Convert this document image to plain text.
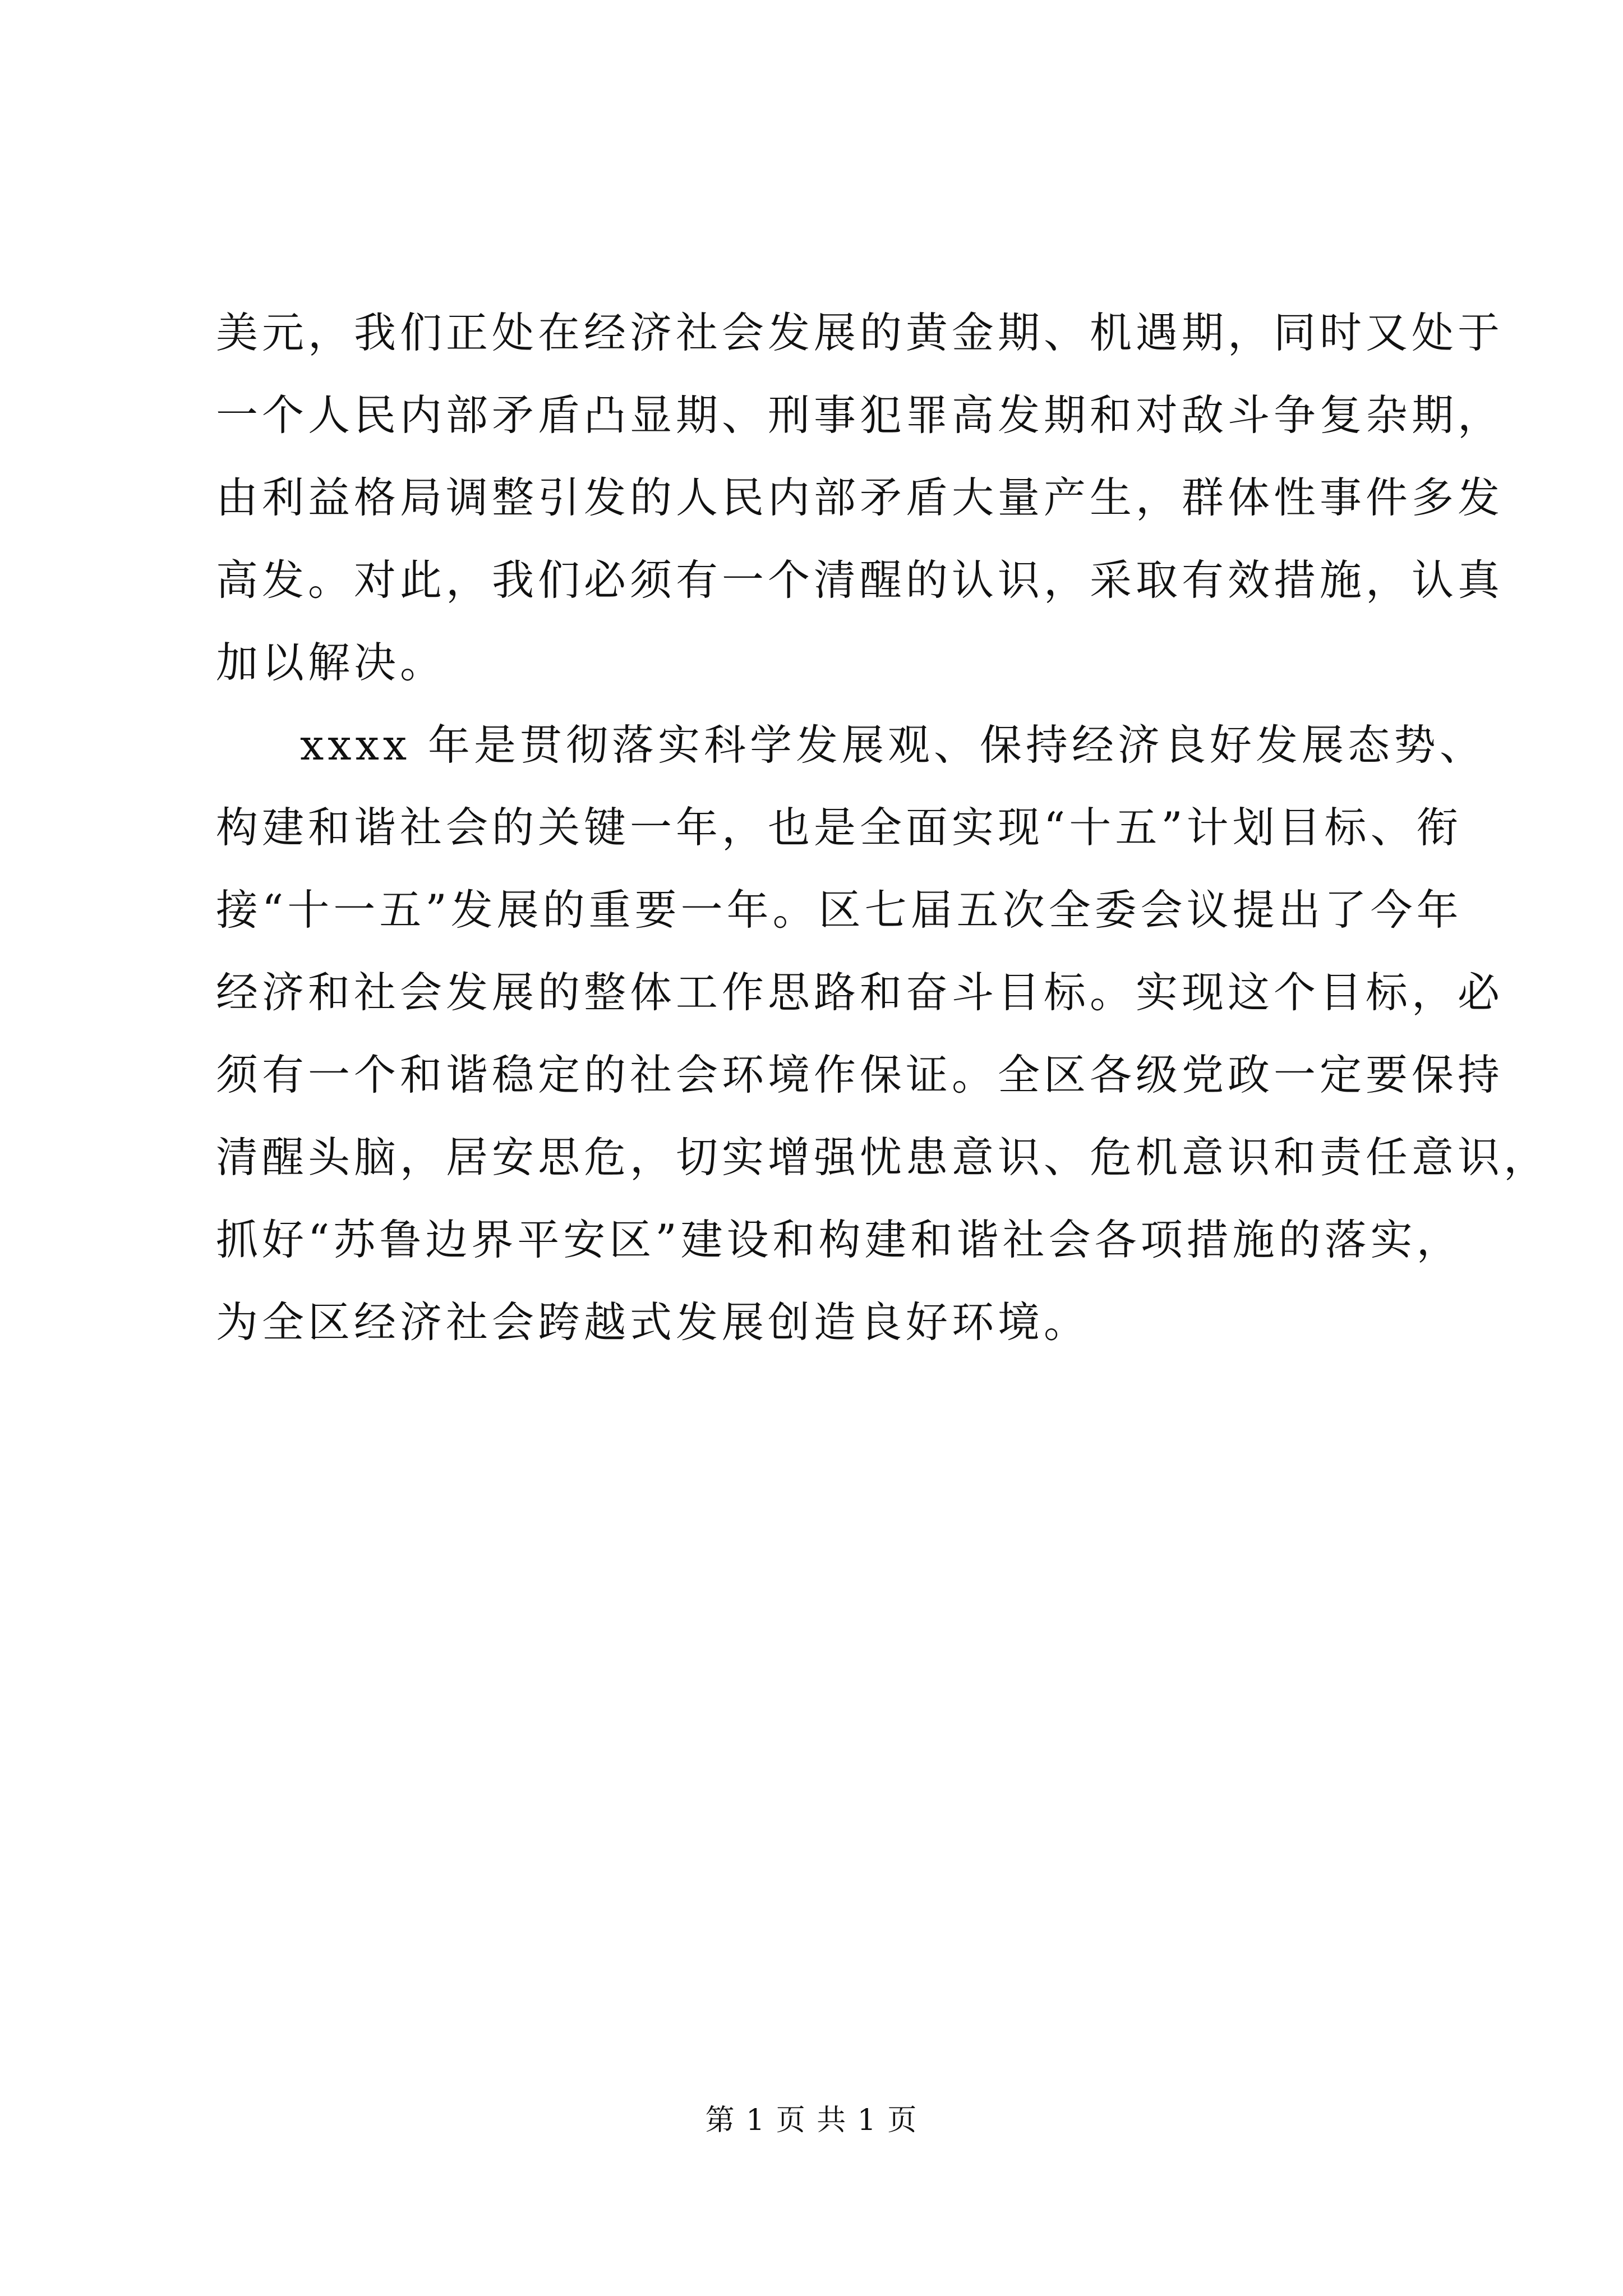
美元，我们正处在经济社会发展的黄金期、机遇期，同时又处于
一个人民内部矛盾凸显期、刑事犯罪高发期和对敌斗争复杂期，
由利益格局调整引发的人民内部矛盾大量产生，群体性事件多发
高发。对此，我们必须有一个清醒的认识，采取有效措施，认真
加以解决。
xxxx 年是贯彻落实科学发展观、保持经济良好发展态势、
构建和谐社会的关键一年，也是全面实现“十五”计划目标、衔
接“十一五”发展的重要一年。区七届五次全委会议提出了今年
经济和社会发展的整体工作思路和奋斗目标。实现这个目标，必
须有一个和谐稳定的社会环境作保证。全区各级党政一定要保持
清醒头脑，居安思危，切实增强忧患意识、危机意识和责任意识，
抓好“苏鲁边界平安区”建设和构建和谐社会各项措施的落实，
为全区经济社会跨越式发展创造良好环境。
第 1 页 共 1 页
